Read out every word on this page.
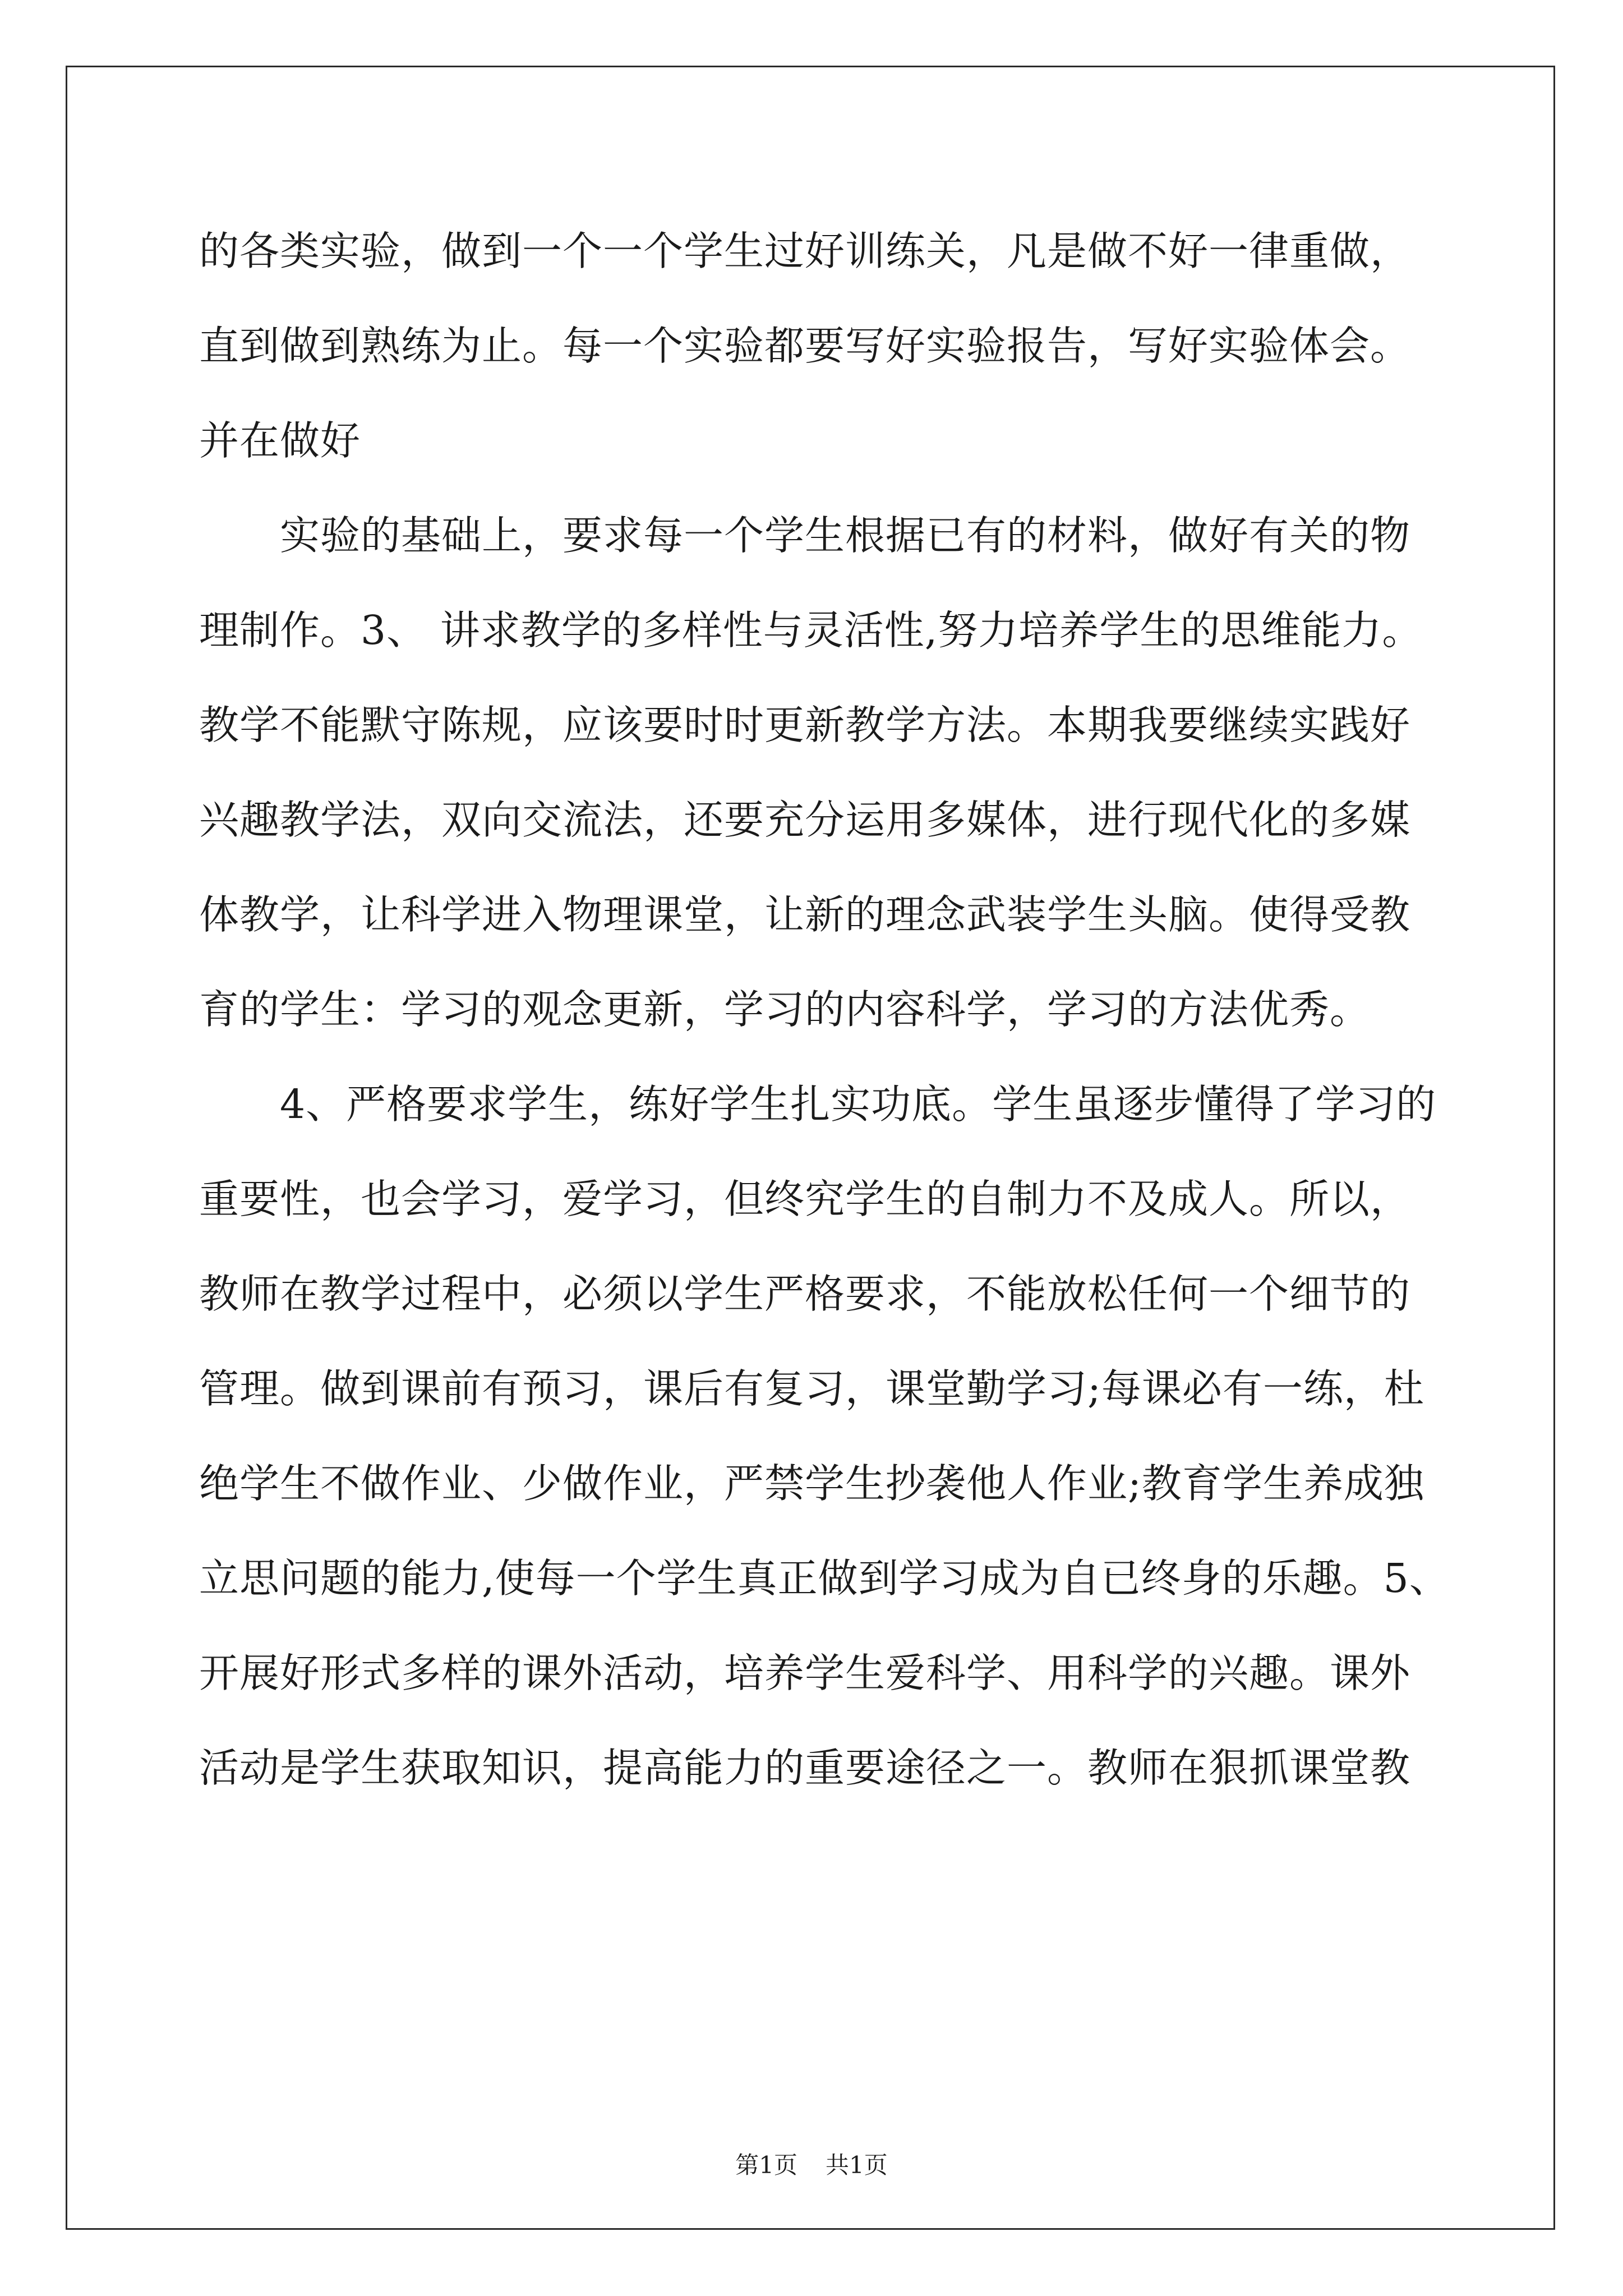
的各类实验，做到一个一个学生过好训练关，凡是做不好一律重做，
直到做到熟练为止。每一个实验都要写好实验报告，写好实验体会。
并在做好
实验的基础上，要求每一个学生根据已有的材料，做好有关的物
理制作。3、 讲求教学的多样性与灵活性,努力培养学生的思维能力。
教学不能默守陈规，应该要时时更新教学方法。本期我要继续实践好
兴趣教学法，双向交流法，还要充分运用多媒体，进行现代化的多媒
体教学，让科学进入物理课堂，让新的理念武装学生头脑。使得受教
育的学生：学习的观念更新，学习的内容科学，学习的方法优秀。
4、严格要求学生，练好学生扎实功底。学生虽逐步懂得了学习的
重要性，也会学习，爱学习，但终究学生的自制力不及成人。所以，
教师在教学过程中，必须以学生严格要求，不能放松任何一个细节的
管理。做到课前有预习，课后有复习，课堂勤学习;每课必有一练，杜
绝学生不做作业、少做作业，严禁学生抄袭他人作业;教育学生养成独
立思问题的能力,使每一个学生真正做到学习成为自已终身的乐趣。5、
开展好形式多样的课外活动，培养学生爱科学、用科学的兴趣。课外
活动是学生获取知识，提高能力的重要途径之一。教师在狠抓课堂教
第1页 共1页
